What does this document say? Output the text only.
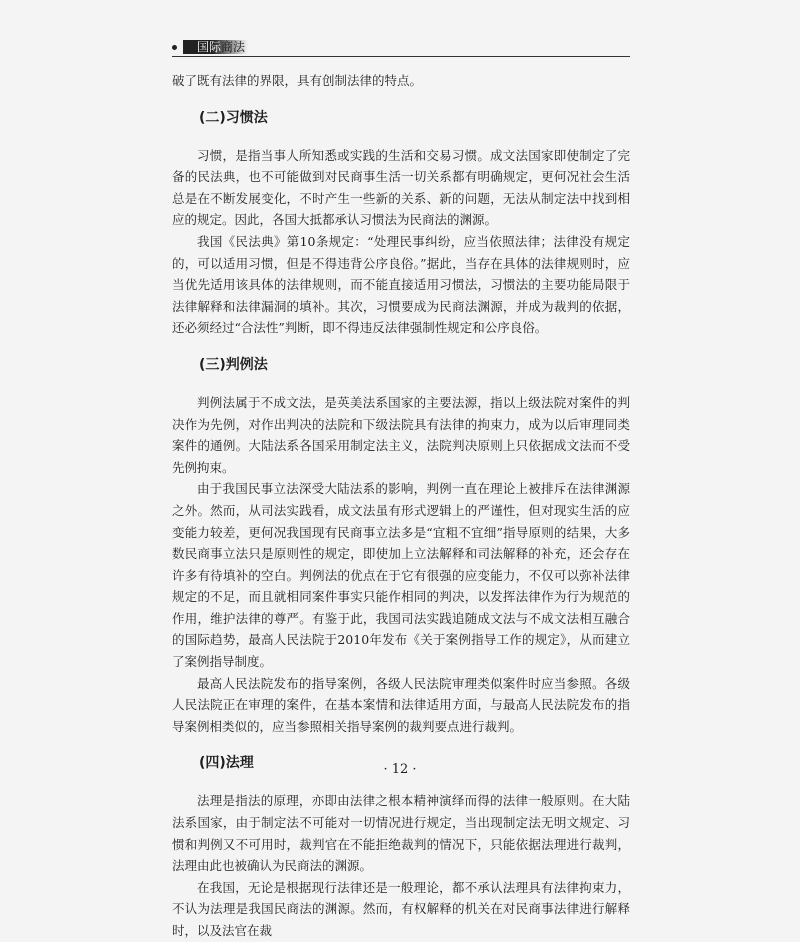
国际商法

破了既有法律的界限，具有创制法律的特点。

(二)习惯法

习惯，是指当事人所知悉或实践的生活和交易习惯。成文法国家即使制定了完备的民法典，也不可能做到对民商事生活一切关系都有明确规定，更何况社会生活总是在不断发展变化，不时产生一些新的关系、新的问题，无法从制定法中找到相应的规定。因此，各国大抵都承认习惯法为民商法的渊源。

我国《民法典》第10条规定：“处理民事纠纷，应当依照法律；法律没有规定的，可以适用习惯，但是不得违背公序良俗。”据此，当存在具体的法律规则时，应当优先适用该具体的法律规则，而不能直接适用习惯法，习惯法的主要功能局限于法律解释和法律漏洞的填补。其次，习惯要成为民商法渊源，并成为裁判的依据，还必须经过“合法性”判断，即不得违反法律强制性规定和公序良俗。

(三)判例法

判例法属于不成文法，是英美法系国家的主要法源，指以上级法院对案件的判决作为先例，对作出判决的法院和下级法院具有法律的拘束力，成为以后审理同类案件的通例。大陆法系各国采用制定法主义，法院判决原则上只依据成文法而不受先例拘束。

由于我国民事立法深受大陆法系的影响，判例一直在理论上被排斥在法律渊源之外。然而，从司法实践看，成文法虽有形式逻辑上的严谨性，但对现实生活的应变能力较差，更何况我国现有民商事立法多是“宜粗不宜细”指导原则的结果，大多数民商事立法只是原则性的规定，即使加上立法解释和司法解释的补充，还会存在许多有待填补的空白。判例法的优点在于它有很强的应变能力，不仅可以弥补法律规定的不足，而且就相同案件事实只能作相同的判决，以发挥法律作为行为规范的作用，维护法律的尊严。有鉴于此，我国司法实践追随成文法与不成文法相互融合的国际趋势，最高人民法院于2010年发布《关于案例指导工作的规定》，从而建立了案例指导制度。

最高人民法院发布的指导案例，各级人民法院审理类似案件时应当参照。各级人民法院正在审理的案件，在基本案情和法律适用方面，与最高人民法院发布的指导案例相类似的，应当参照相关指导案例的裁判要点进行裁判。

(四)法理

法理是指法的原理，亦即由法律之根本精神演绎而得的法律一般原则。在大陆法系国家，由于制定法不可能对一切情况进行规定，当出现制定法无明文规定、习惯和判例又不可用时，裁判官在不能拒绝裁判的情况下，只能依据法理进行裁判，法理由此也被确认为民商法的渊源。

在我国，无论是根据现行法律还是一般理论，都不承认法理具有法律拘束力，不认为法理是我国民商法的渊源。然而，有权解释的机关在对民商事法律进行解释时，以及法官在裁

· 12 ·
